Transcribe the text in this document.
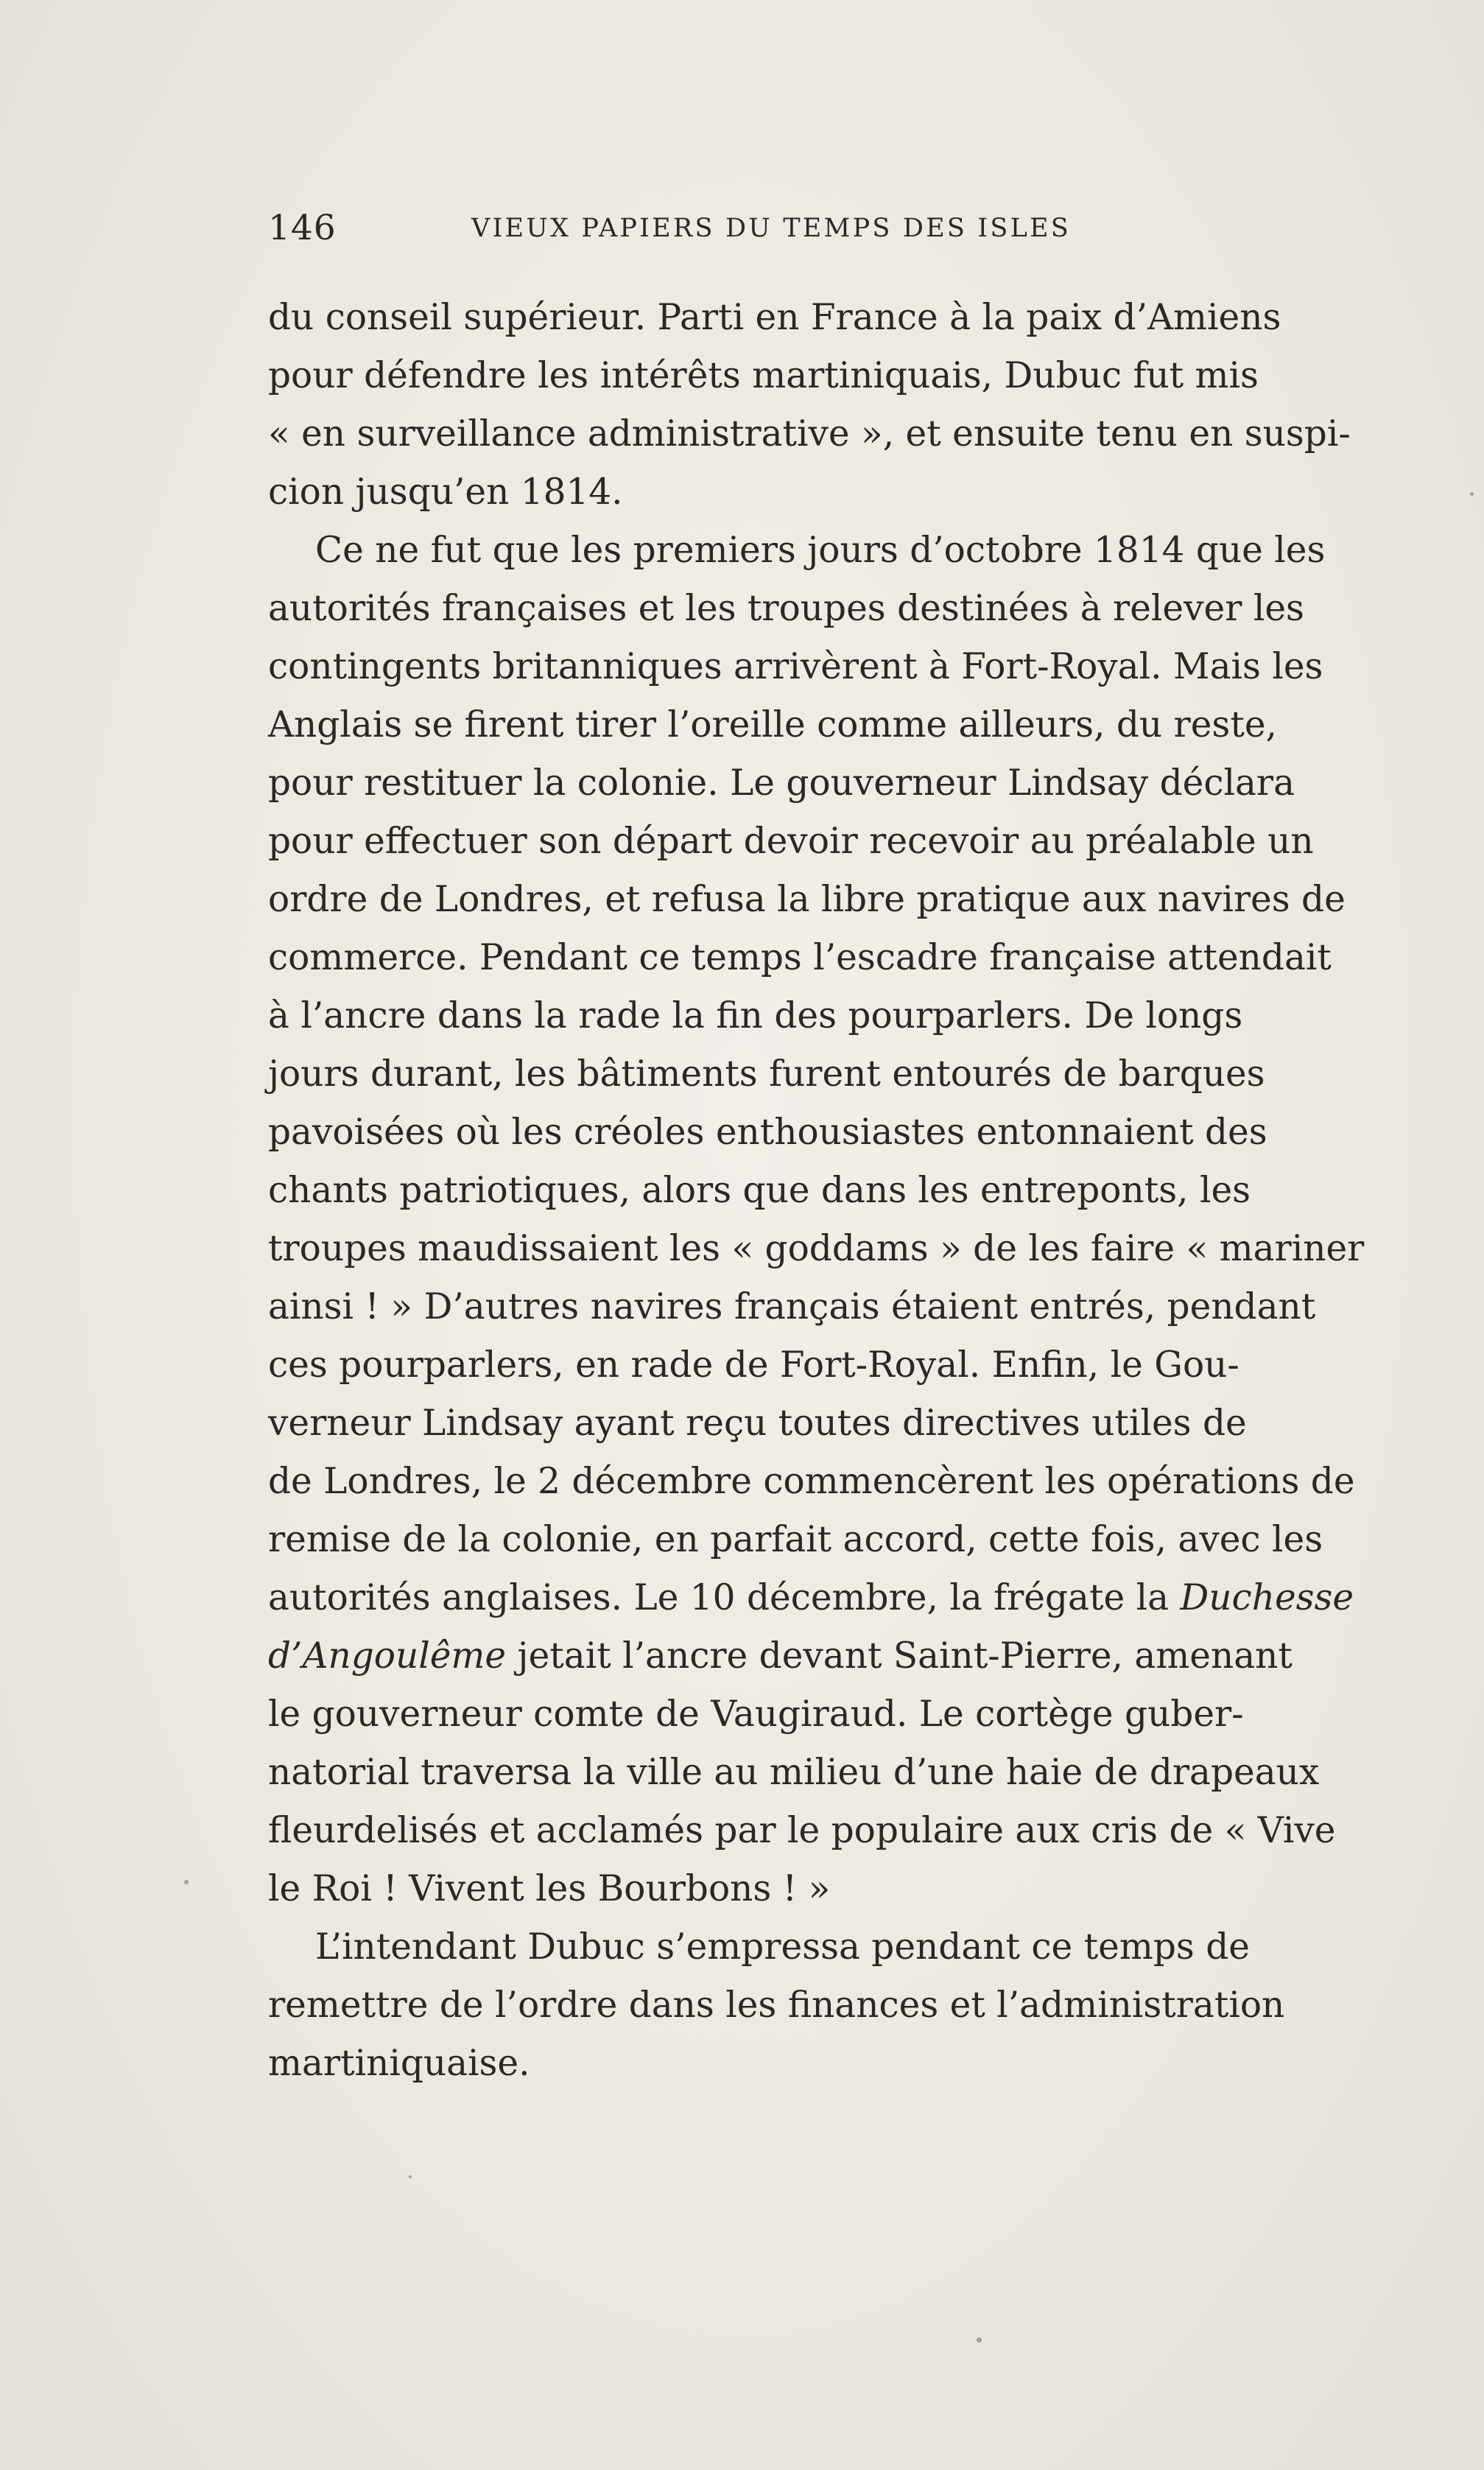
146	VIEUX PAPIERS DU TEMPS DES ISLES
du conseil supérieur. Parti en France à la paix d’Amiens
pour défendre les intérêts martiniquais, Dubuc fut mis
« en surveillance administrative », et ensuite tenu en suspi-
cion jusqu’en 1814.
Ce ne fut que les premiers jours d’octobre 1814 que les
autorités françaises et les troupes destinées à relever les
contingents britanniques arrivèrent à Fort-Royal. Mais les
Anglais se firent tirer l’oreille comme ailleurs, du reste,
pour restituer la colonie. Le gouverneur Lindsay déclara
pour effectuer son départ devoir recevoir au préalable un
ordre de Londres, et refusa la libre pratique aux navires de
commerce. Pendant ce temps l’escadre française attendait
à l’ancre dans la rade la fin des pourparlers. De longs
jours durant, les bâtiments furent entourés de barques
pavoisées où les créoles enthousiastes entonnaient des
chants patriotiques, alors que dans les entreponts, les
troupes maudissaient les « goddams » de les faire « mariner
ainsi ! » D’autres navires français étaient entrés, pendant
ces pourparlers, en rade de Fort-Royal. Enfin, le Gou-
verneur Lindsay ayant reçu toutes directives utiles de
de Londres, le 2 décembre commencèrent les opérations de
remise de la colonie, en parfait accord, cette fois, avec les
autorités anglaises. Le 10 décembre, la frégate la Duchesse
d’Angoulême jetait l’ancre devant Saint-Pierre, amenant
le gouverneur comte de Vaugiraud. Le cortège guber-
natorial traversa la ville au milieu d’une haie de drapeaux
fleurdelisés et acclamés par le populaire aux cris de « Vive
le Roi ! Vivent les Bourbons ! »
L’intendant Dubuc s’empressa pendant ce temps de
remettre de l’ordre dans les finances et l’administration
martiniquaise.
